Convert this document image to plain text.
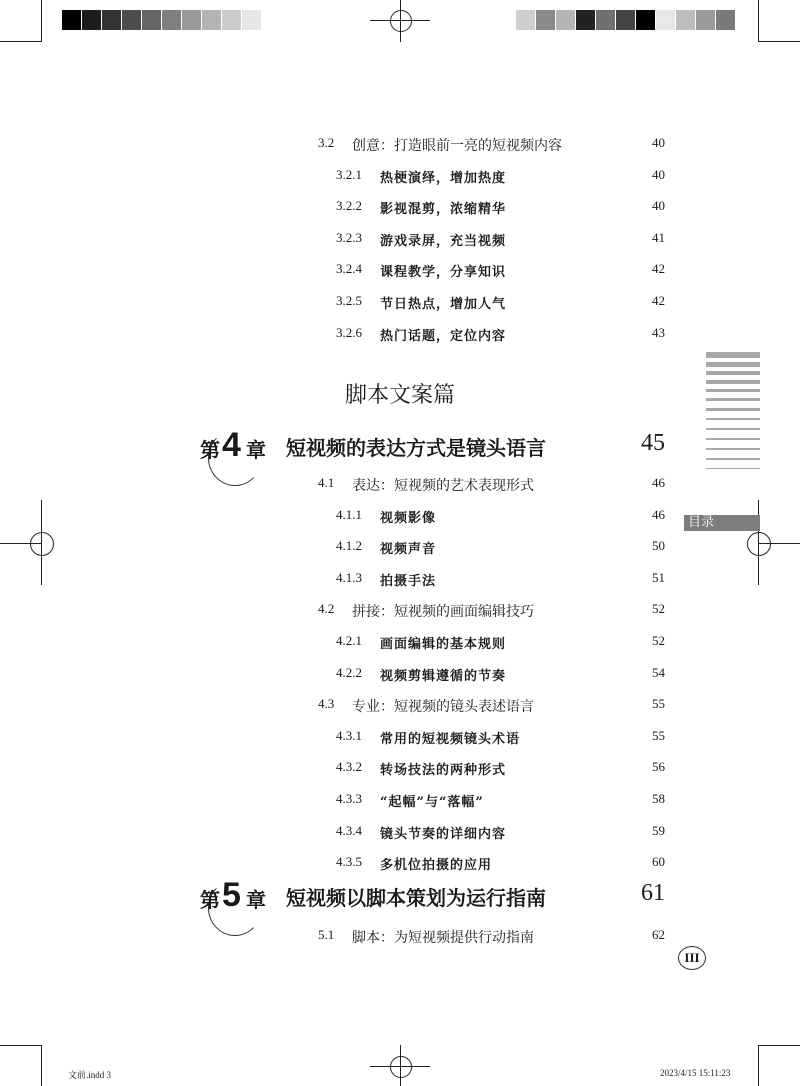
3.2 创意：打造眼前一亮的短视频内容	40
3.2.1 热梗演绎，增加热度	40
3.2.2 影视混剪，浓缩精华	40
3.2.3 游戏录屏，充当视频	41
3.2.4 课程教学，分享知识	42
3.2.5 节日热点，增加人气	42
3.2.6 热门话题，定位内容	43
脚本文案篇
第 4 章 短视频的表达方式是镜头语言	45
4.1 表达：短视频的艺术表现形式	46
4.1.1 视频影像	46
4.1.2 视频声音	50
4.1.3 拍摄手法	51
4.2 拼接：短视频的画面编辑技巧	52
4.2.1 画面编辑的基本规则	52
4.2.2 视频剪辑遵循的节奏	54
4.3 专业：短视频的镜头表述语言	55
4.3.1 常用的短视频镜头术语	55
4.3.2 转场技法的两种形式	56
4.3.3 “起幅”与“落幅”	58
4.3.4 镜头节奏的详细内容	59
4.3.5 多机位拍摄的应用	60
第 5 章 短视频以脚本策划为运行指南	61
5.1 脚本：为短视频提供行动指南	62
目录
III
文前.indd 3	2023/4/15 15:11:23
